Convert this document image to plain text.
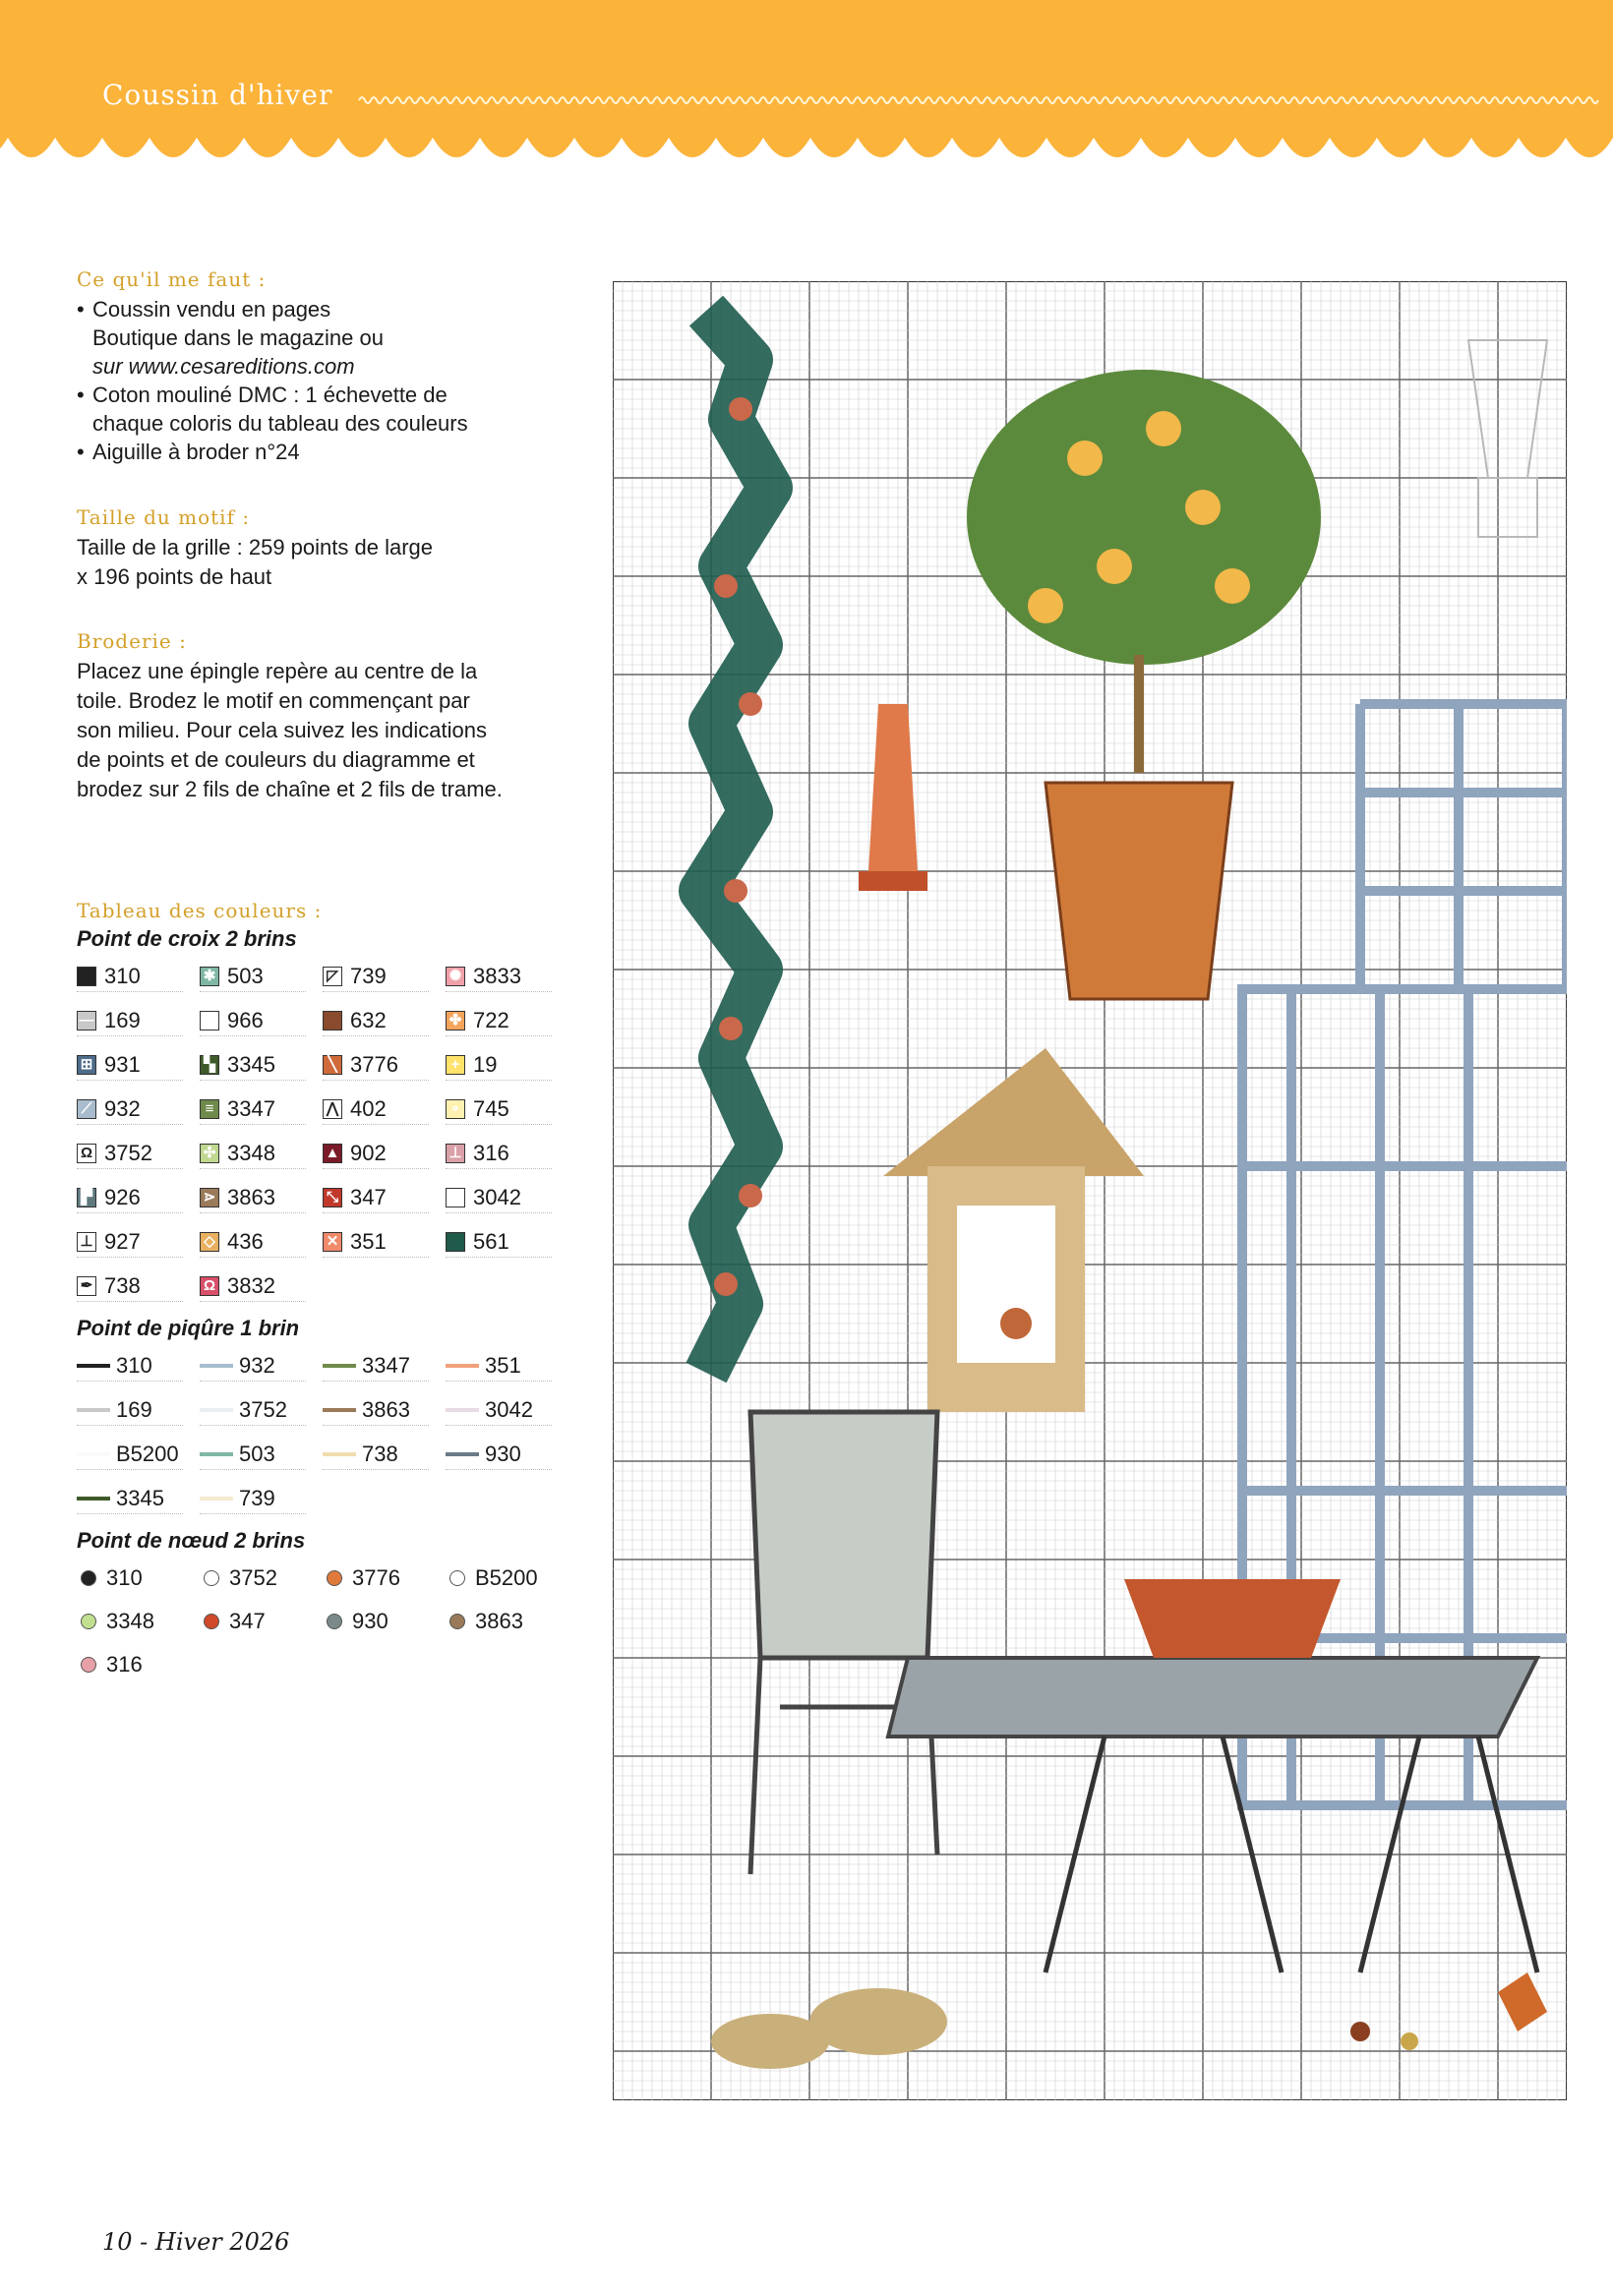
Coussin d'hiver
Ce qu'il me faut :
• Coussin vendu en pages
Boutique dans le magazine ou
sur www.cesareditions.com
• Coton mouliné DMC : 1 échevette de
chaque coloris du tableau des couleurs
• Aiguille à broder n°24
Taille du motif :

Taille de la grille : 259 points de large

x 196 points de haut

Broderie :

Placez une épingle repère au centre de la

toile. Brodez le motif en commençant par

son milieu. Pour cela suivez les indications

de points et de couleurs du diagramme et

brodez sur 2 fils de chaîne et 2 fils de trame.

Tableau des couleurs :
Point de croix 2 brins
310	✱ 503	◸ 739	✺ 3833
— 169	966	632	✤ 722
⊞ 931	▚ 3345	╲ 3776	+ 19
⟋ 932	≡ 3347	⋀ 402	∘ 745
Ω 3752	✣ 3348	▲ 902	⊥ 316
▛ 926	⋗ 3863	⤡ 347	3042
⊥ 927	◇ 436	✕ 351	561
✒ 738	Ω 3832
Point de piqûre 1 brin
310	932	3347	351
169	3752	3863	3042
B5200	503	738	930
3345	739
Point de nœud 2 brins
310	3752	3776	B5200
3348	347	930	3863
316
10 - Hiver 2026
